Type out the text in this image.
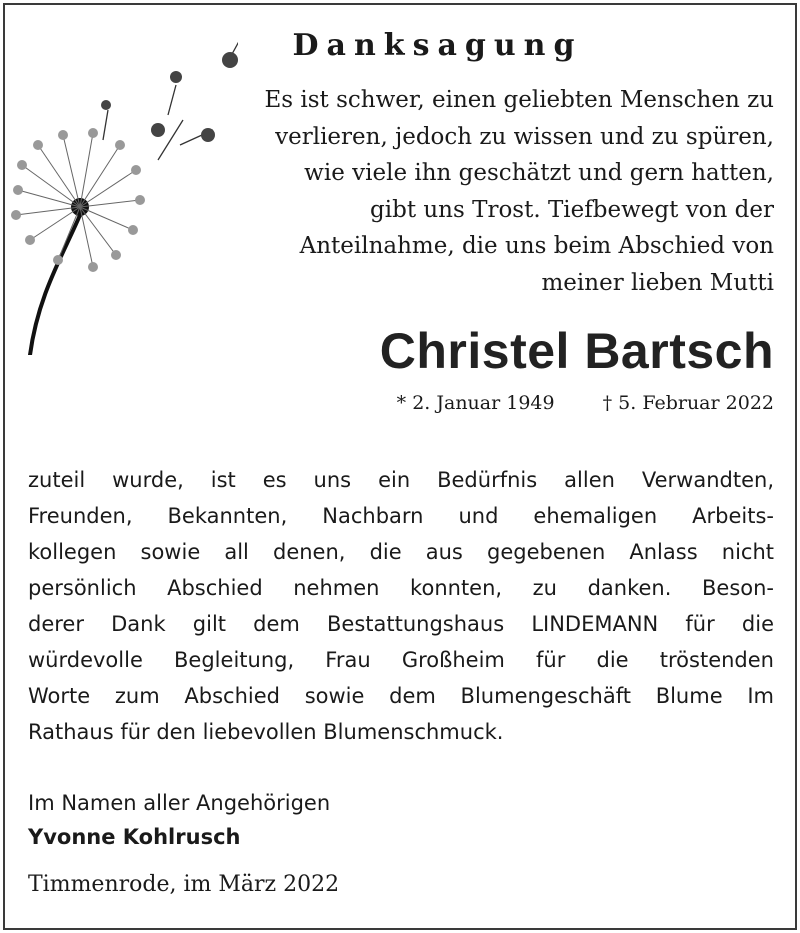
Danksagung
Es ist schwer, einen geliebten Menschen zu
verlieren, jedoch zu wissen und zu spüren,
wie viele ihn geschätzt und gern hatten,
gibt uns Trost. Tiefbewegt von der
Anteilnahme, die uns beim Abschied von
meiner lieben Mutti
Christel Bartsch
* 2. Januar 1949	† 5. Februar 2022
zuteil wurde, ist es uns ein Bedürfnis allen Verwandten,
Freunden, Bekannten, Nachbarn und ehemaligen Arbeits-
kollegen sowie all denen, die aus gegebenen Anlass nicht
persönlich Abschied nehmen konnten, zu danken. Beson-
derer Dank gilt dem Bestattungshaus LINDEMANN für die
würdevolle Begleitung, Frau Großheim für die tröstenden
Worte zum Abschied sowie dem Blumengeschäft Blume Im
Rathaus für den liebevollen Blumenschmuck.
Im Namen aller Angehörigen
Yvonne Kohlrusch
Timmenrode, im März 2022
